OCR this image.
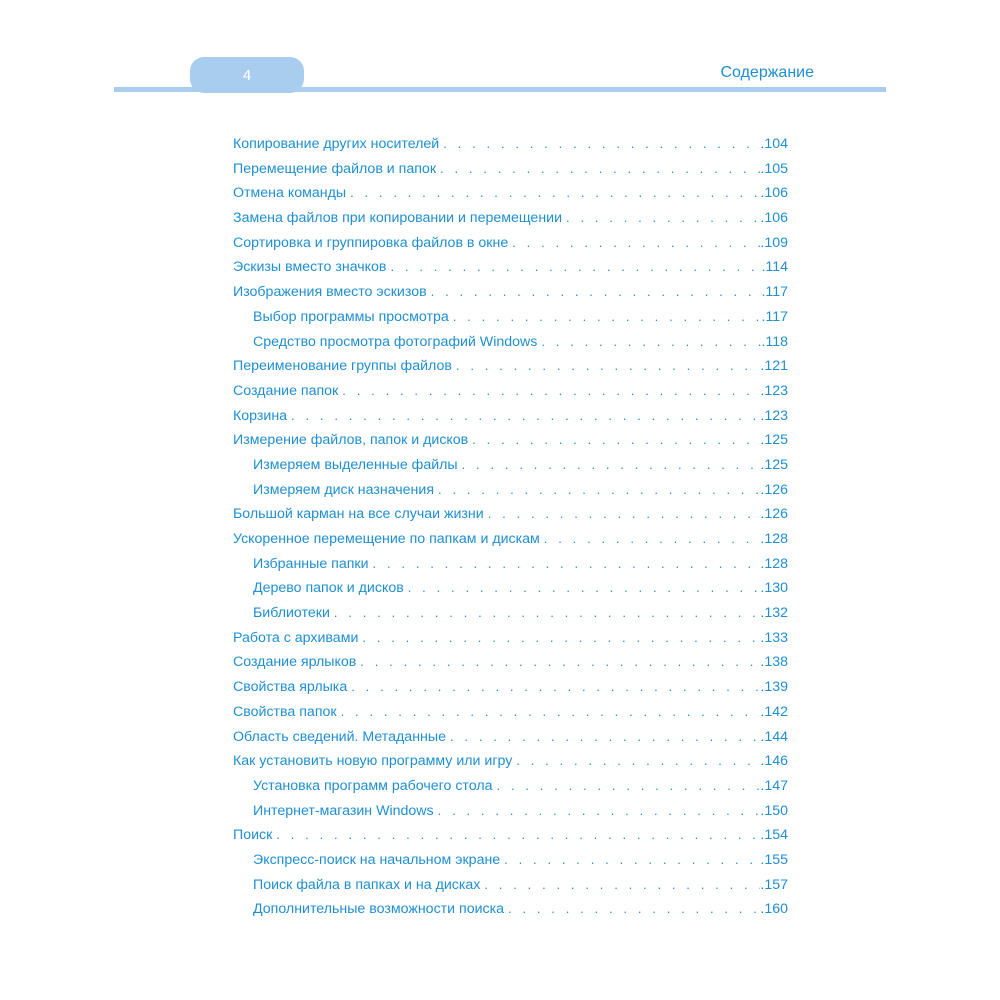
4	Содержание
Копирование других носителей . . .	.104
Перемещение файлов и папок . . .	.105
Отмена команды . . .	.106
Замена файлов при копировании и перемещении . . .	.106
Сортировка и группировка файлов в окне . . .	.109
Эскизы вместо значков . . .	.114
Изображения вместо эскизов . . .	.117
Выбор программы просмотра . . .	.117
Средство просмотра фотографий Windows . . .	.118
Переименование группы файлов . . .	.121
Создание папок . . .	.123
Корзина . . .	.123
Измерение файлов, папок и дисков . . .	.125
Измеряем выделенные файлы . . .	.125
Измеряем диск назначения . . .	.126
Большой карман на все случаи жизни . . .	.126
Ускоренное перемещение по папкам и дискам . . .	.128
Избранные папки . . .	.128
Дерево папок и дисков . . .	.130
Библиотеки . . .	.132
Работа с архивами . . .	.133
Создание ярлыков . . .	.138
Свойства ярлыка . . .	.139
Свойства папок . . .	.142
Область сведений. Метаданные . . .	.144
Как установить новую программу или игру . . .	.146
Установка программ рабочего стола . . .	.147
Интернет-магазин Windows . . .	.150
Поиск . . .	.154
Экспресс-поиск на начальном экране . . .	.155
Поиск файла в папках и на дисках . . .	.157
Дополнительные возможности поиска . . .	.160
